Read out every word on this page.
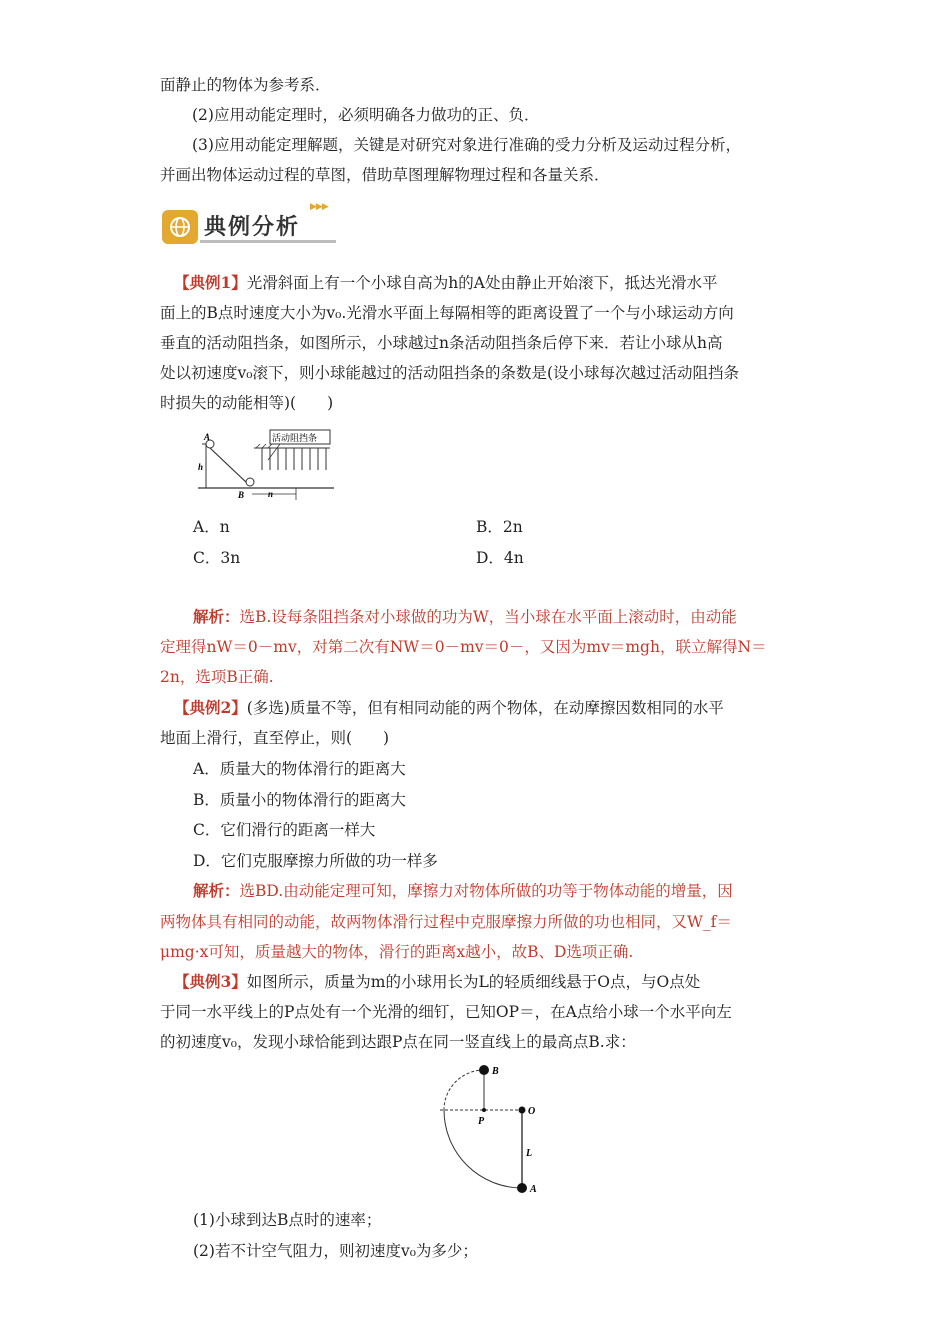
面静止的物体为参考系．
(2)应用动能定理时，必须明确各力做功的正、负．
(3)应用动能定理解题，关键是对研究对象进行准确的受力分析及运动过程分析，
并画出物体运动过程的草图，借助草图理解物理过程和各量关系．
典例分析
▶▶▶
【典例1】光滑斜面上有一个小球自高为h的A处由静止开始滚下，抵达光滑水平
面上的B点时速度大小为v₀.光滑水平面上每隔相等的距离设置了一个与小球运动方向
垂直的活动阻挡条，如图所示，小球越过n条活动阻挡条后停下来．若让小球从h高
处以初速度v₀滚下，则小球能越过的活动阻挡条的条数是(设小球每次越过活动阻挡条
时损失的动能相等)(　　)
A
h
B	n
活动阻挡条
A．n	B．2n
C．3n	D．4n
解析：选B.设每条阻挡条对小球做的功为W，当小球在水平面上滚动时，由动能
定理得nW＝0－mv，对第二次有NW＝0－mv＝0－，又因为mv＝mgh，联立解得N＝
2n，选项B正确.
【典例2】(多选)质量不等，但有相同动能的两个物体，在动摩擦因数相同的水平
地面上滑行，直至停止，则(　　)
A．质量大的物体滑行的距离大
B．质量小的物体滑行的距离大
C．它们滑行的距离一样大
D．它们克服摩擦力所做的功一样多
解析：选BD.由动能定理可知，摩擦力对物体所做的功等于物体动能的增量，因
两物体具有相同的动能，故两物体滑行过程中克服摩擦力所做的功也相同，又W_f＝
μmg·x可知，质量越大的物体，滑行的距离x越小，故B、D选项正确.
【典例3】如图所示，质量为m的小球用长为L的轻质细线悬于O点，与O点处
于同一水平线上的P点处有一个光滑的细钉，已知OP＝，在A点给小球一个水平向左
的初速度v₀，发现小球恰能到达跟P点在同一竖直线上的最高点B.求：
B
P
O
L
A
(1)小球到达B点时的速率；
(2)若不计空气阻力，则初速度v₀为多少；
